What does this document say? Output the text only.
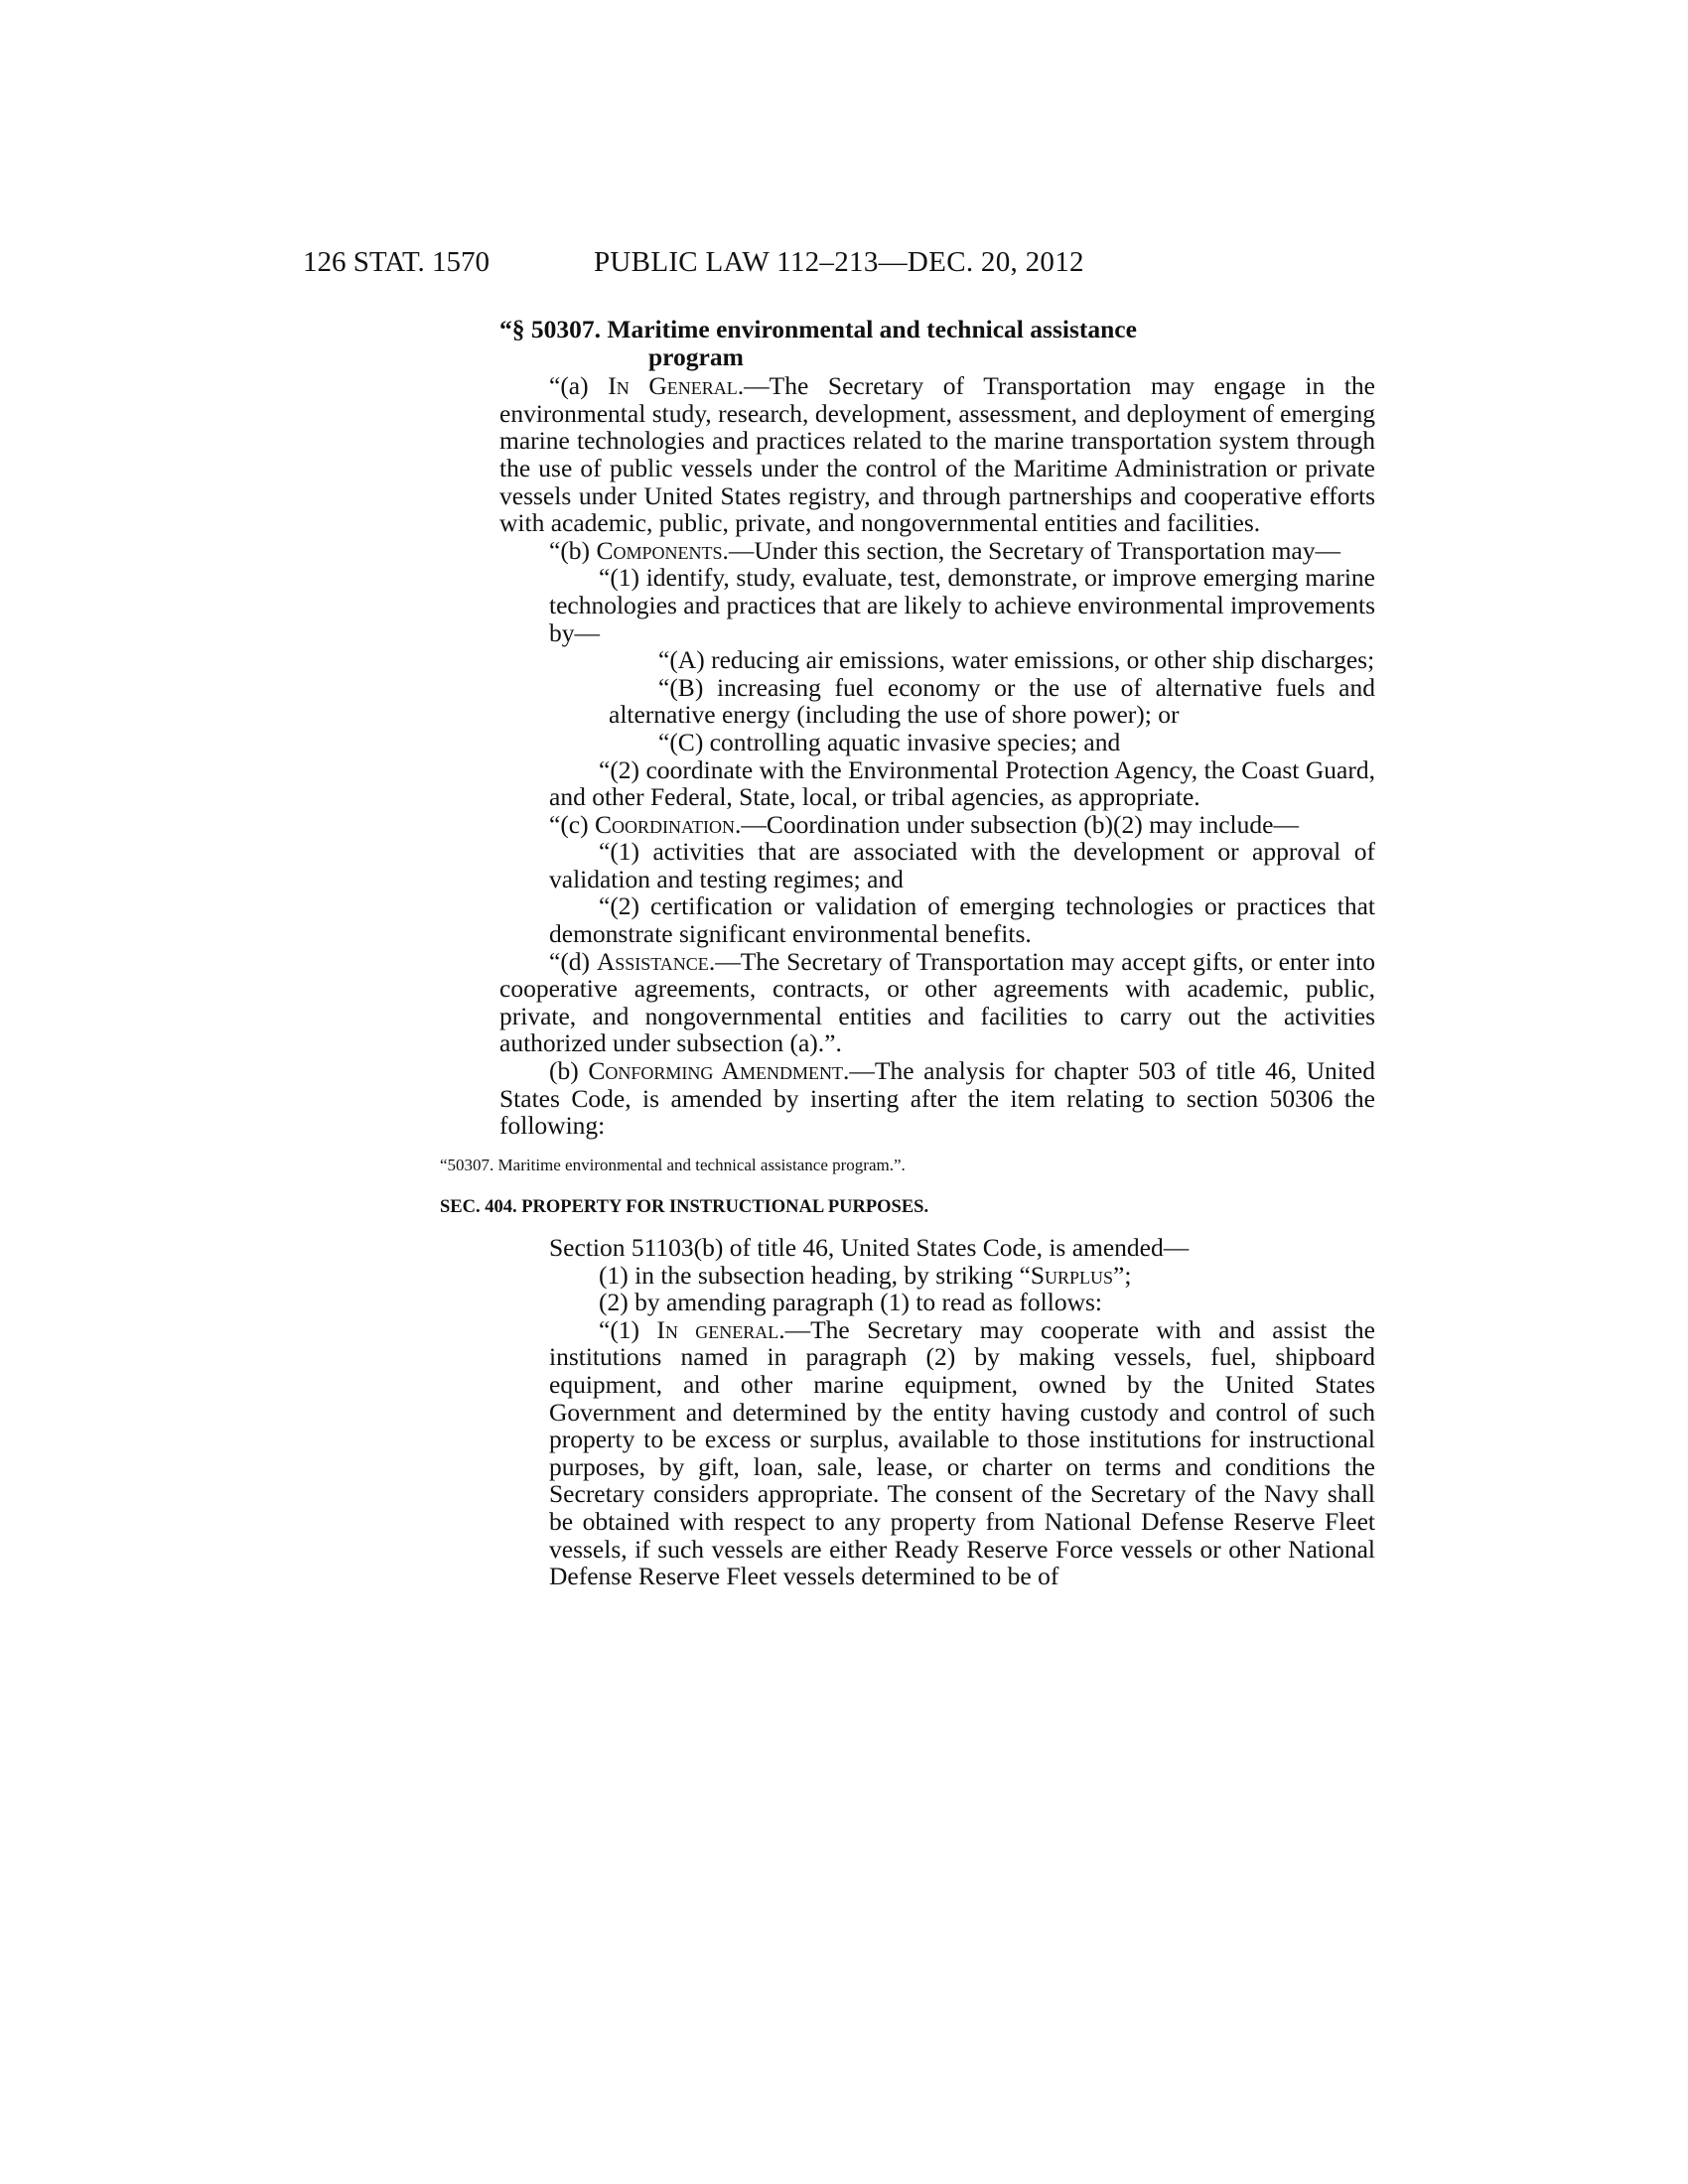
126 STAT. 1570	PUBLIC LAW 112–213—DEC. 20, 2012
“§ 50307. Maritime environmental and technical assistance
program

“(a) In General.—The Secretary of Transportation may engage in the environmental study, research, development, assessment, and deployment of emerging marine technologies and practices related to the marine transportation system through the use of public vessels under the control of the Maritime Administration or private vessels under United States registry, and through partnerships and cooperative efforts with academic, public, private, and nongovernmental entities and facilities.

“(b) Components.—Under this section, the Secretary of Transportation may—

“(1) identify, study, evaluate, test, demonstrate, or improve emerging marine technologies and practices that are likely to achieve environmental improvements by—

“(A) reducing air emissions, water emissions, or other ship discharges;

“(B) increasing fuel economy or the use of alternative fuels and alternative energy (including the use of shore power); or

“(C) controlling aquatic invasive species; and

“(2) coordinate with the Environmental Protection Agency, the Coast Guard, and other Federal, State, local, or tribal agencies, as appropriate.

“(c) Coordination.—Coordination under subsection (b)(2) may include—

“(1) activities that are associated with the development or approval of validation and testing regimes; and

“(2) certification or validation of emerging technologies or practices that demonstrate significant environmental benefits.

“(d) Assistance.—The Secretary of Transportation may accept gifts, or enter into cooperative agreements, contracts, or other agreements with academic, public, private, and nongovernmental entities and facilities to carry out the activities authorized under subsection (a).”.

(b) Conforming Amendment.—The analysis for chapter 503 of title 46, United States Code, is amended by inserting after the item relating to section 50306 the following:

“50307. Maritime environmental and technical assistance program.”.

SEC. 404. PROPERTY FOR INSTRUCTIONAL PURPOSES.

Section 51103(b) of title 46, United States Code, is amended—

(1) in the subsection heading, by striking “Surplus”;

(2) by amending paragraph (1) to read as follows:

“(1) In general.—The Secretary may cooperate with and assist the institutions named in paragraph (2) by making vessels, fuel, shipboard equipment, and other marine equipment, owned by the United States Government and determined by the entity having custody and control of such property to be excess or surplus, available to those institutions for instructional purposes, by gift, loan, sale, lease, or charter on terms and conditions the Secretary considers appropriate. The consent of the Secretary of the Navy shall be obtained with respect to any property from National Defense Reserve Fleet vessels, if such vessels are either Ready Reserve Force vessels or other National Defense Reserve Fleet vessels determined to be of
